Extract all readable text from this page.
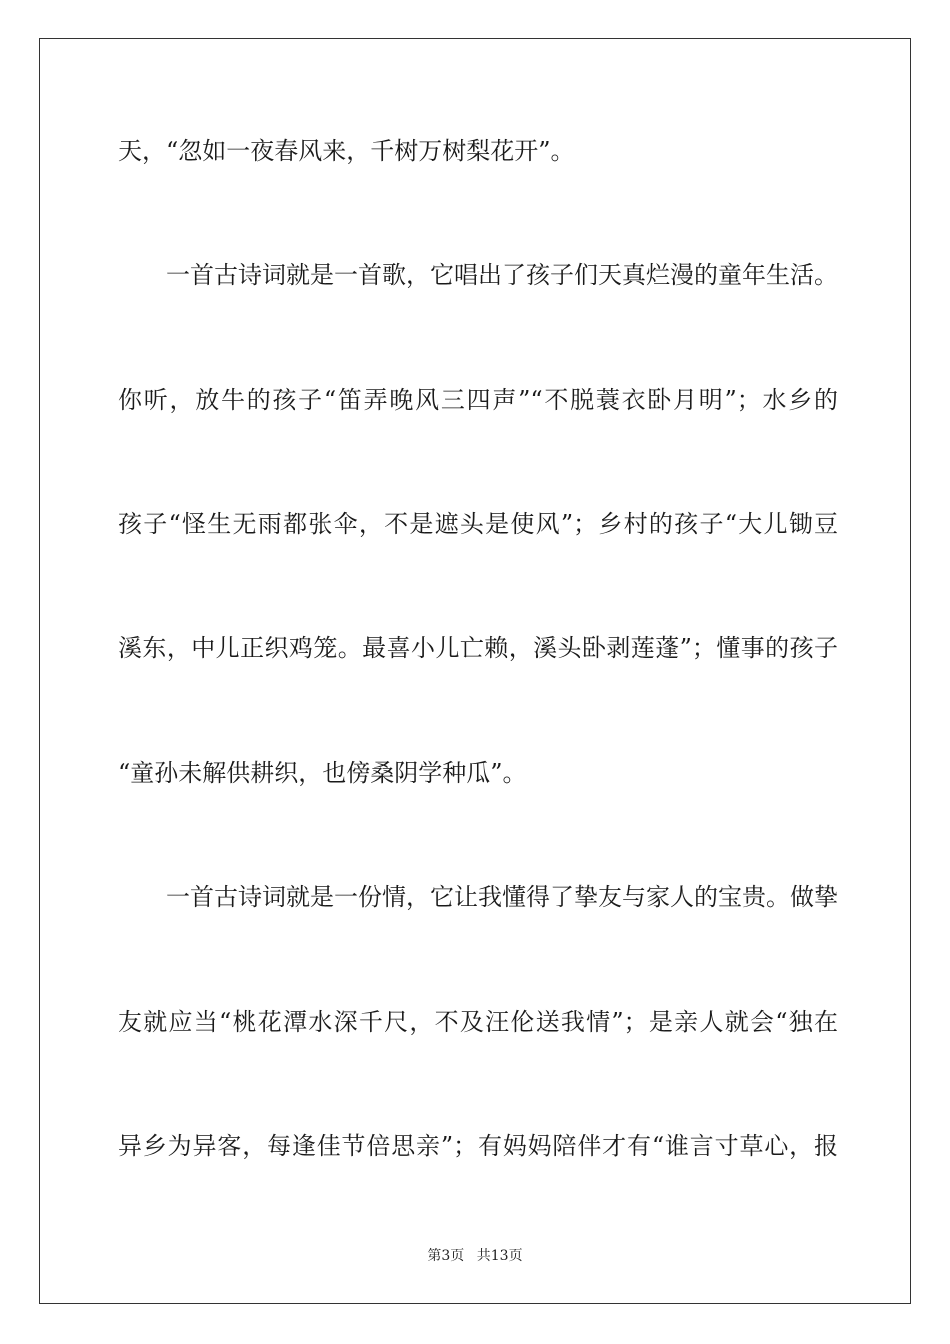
天，“忽如一夜春风来，千树万树梨花开”。
一首古诗词就是一首歌，它唱出了孩子们天真烂漫的童年生活。
你听，放牛的孩子“笛弄晚风三四声”“不脱蓑衣卧月明”；水乡的
孩子“怪生无雨都张伞，不是遮头是使风”；乡村的孩子“大儿锄豆
溪东，中儿正织鸡笼。最喜小儿亡赖，溪头卧剥莲蓬”；懂事的孩子
“童孙未解供耕织，也傍桑阴学种瓜”。
一首古诗词就是一份情，它让我懂得了挚友与家人的宝贵。做挚
友就应当“桃花潭水深千尺，不及汪伦送我情”；是亲人就会“独在
异乡为异客，每逢佳节倍思亲”；有妈妈陪伴才有“谁言寸草心，报
第3页 共13页
